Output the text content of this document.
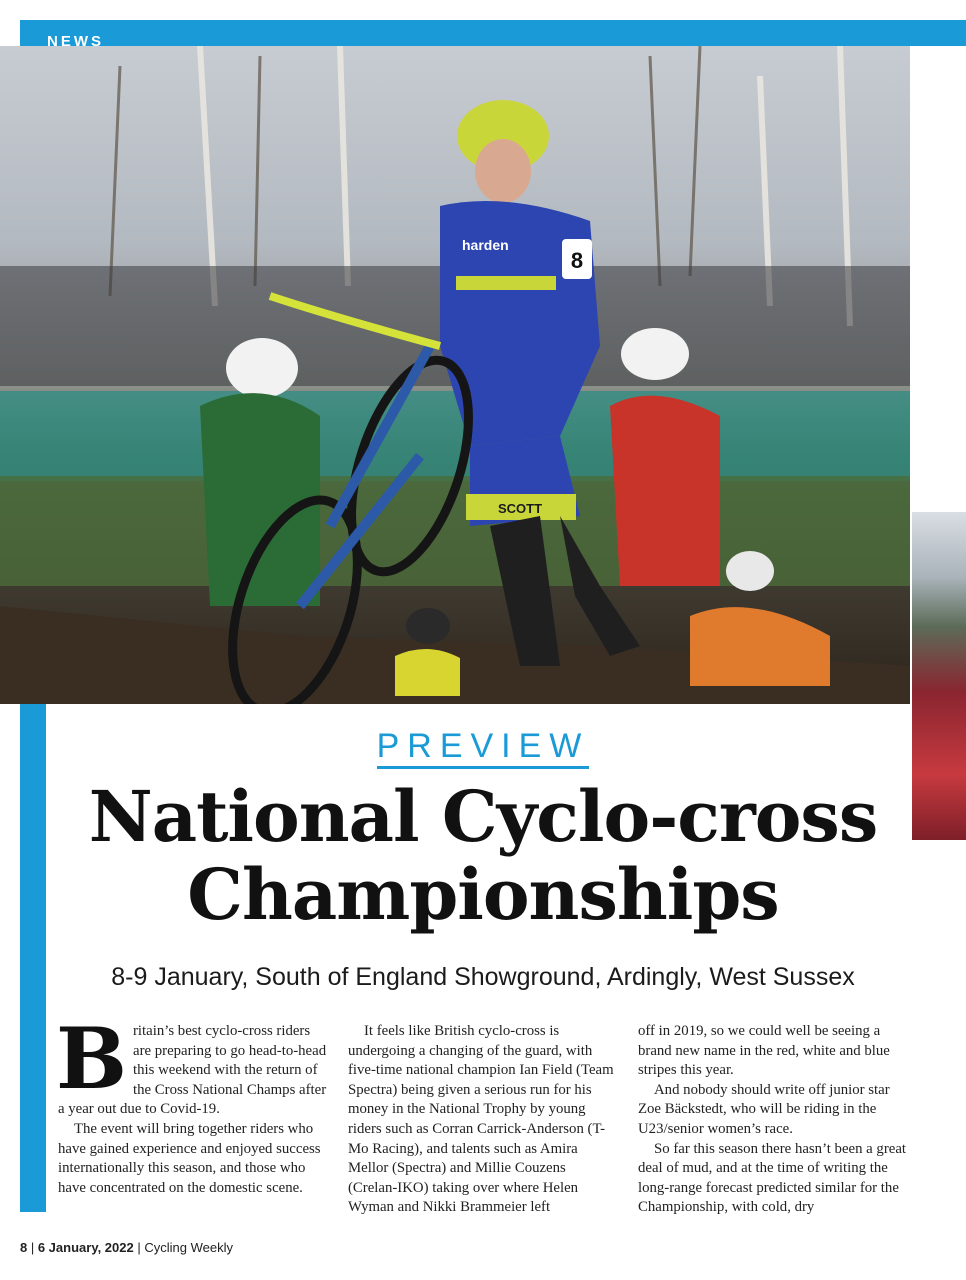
8
harden
SCOTT
NEWS
PREVIEW
National Cyclo-cross
Championships
8-9 January, South of England Showground, Ardingly, West Sussex

Britain’s best cyclo-cross riders are preparing to go head-to-head this weekend with the return of the Cross National Champs after a year out due to Covid-19.

The event will bring together riders who have gained experience and enjoyed success internationally this season, and those who have concentrated on the domestic scene.

It feels like British cyclo-cross is undergoing a changing of the guard, with five-time national champion Ian Field (Team Spectra) being given a serious run for his money in the National Trophy by young riders such as Corran Carrick-Anderson (T-Mo Racing), and talents such as Amira Mellor (Spectra) and Millie Couzens (Crelan-IKO) taking over where Helen Wyman and Nikki Brammeier left

off in 2019, so we could well be seeing a brand new name in the red, white and blue stripes this year.

And nobody should write off junior star Zoe Bäckstedt, who will be riding in the U23/senior women’s race.

So far this season there hasn’t been a great deal of mud, and at the time of writing the long-range forecast predicted similar for the Championship, with cold, dry

8 | 6 January, 2022 | Cycling Weekly
